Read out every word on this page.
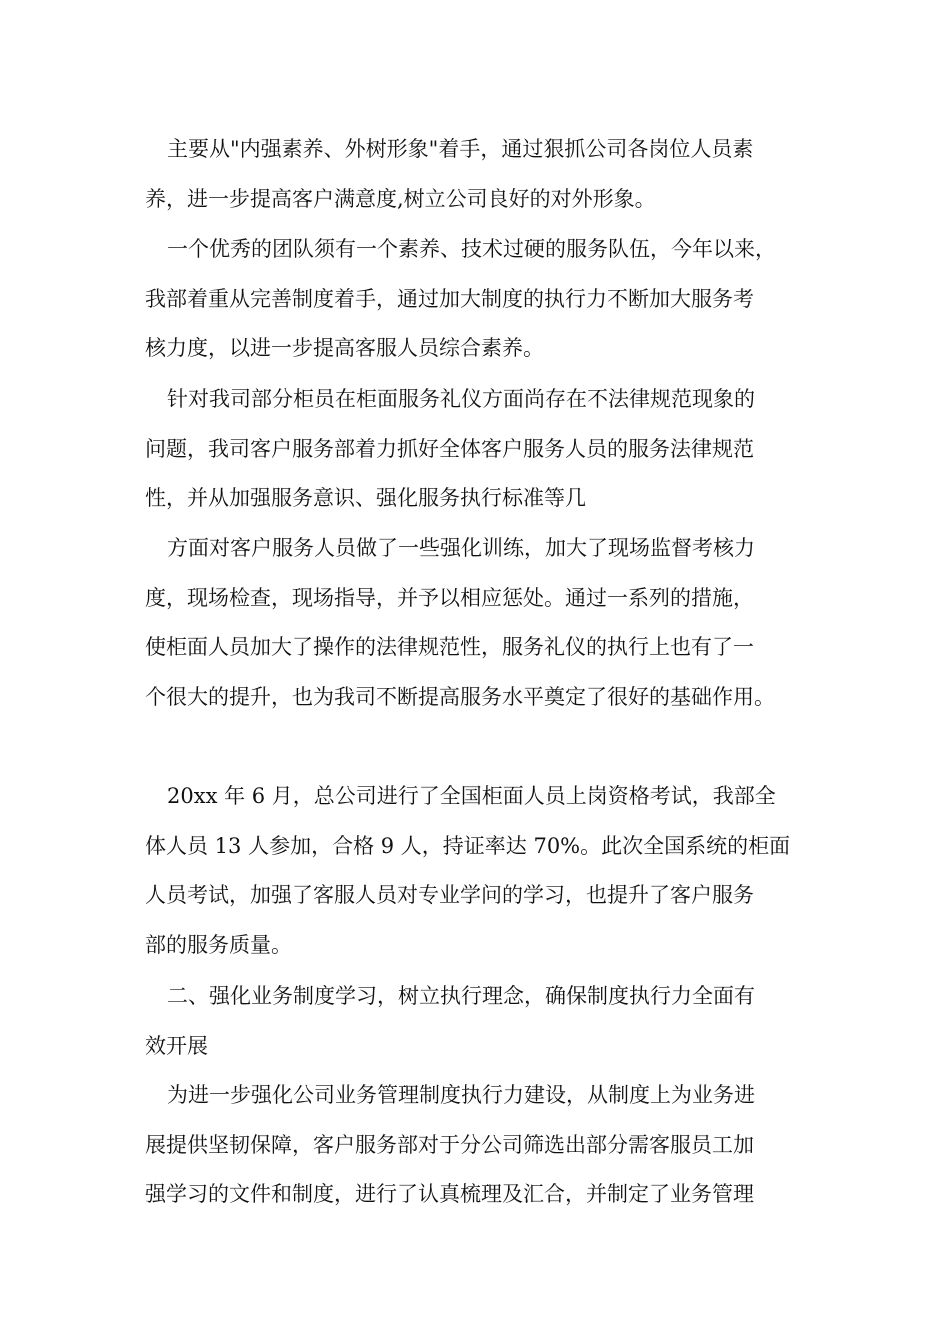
主要从"内强素养、外树形象"着手，通过狠抓公司各岗位人员素
养，进一步提高客户满意度,树立公司良好的对外形象。
一个优秀的团队须有一个素养、技术过硬的服务队伍，今年以来，
我部着重从完善制度着手，通过加大制度的执行力不断加大服务考
核力度，以进一步提高客服人员综合素养。
针对我司部分柜员在柜面服务礼仪方面尚存在不法律规范现象的
问题，我司客户服务部着力抓好全体客户服务人员的服务法律规范
性，并从加强服务意识、强化服务执行标准等几
方面对客户服务人员做了一些强化训练，加大了现场监督考核力
度，现场检查，现场指导，并予以相应惩处。通过一系列的措施，
使柜面人员加大了操作的法律规范性，服务礼仪的执行上也有了一
个很大的提升，也为我司不断提高服务水平奠定了很好的基础作用。
20xx 年 6 月，总公司进行了全国柜面人员上岗资格考试，我部全
体人员 13 人参加，合格 9 人，持证率达 70%。此次全国系统的柜面
人员考试，加强了客服人员对专业学问的学习，也提升了客户服务
部的服务质量。
二、强化业务制度学习，树立执行理念，确保制度执行力全面有
效开展
为进一步强化公司业务管理制度执行力建设，从制度上为业务进
展提供坚韧保障，客户服务部对于分公司筛选出部分需客服员工加
强学习的文件和制度，进行了认真梳理及汇合，并制定了业务管理
